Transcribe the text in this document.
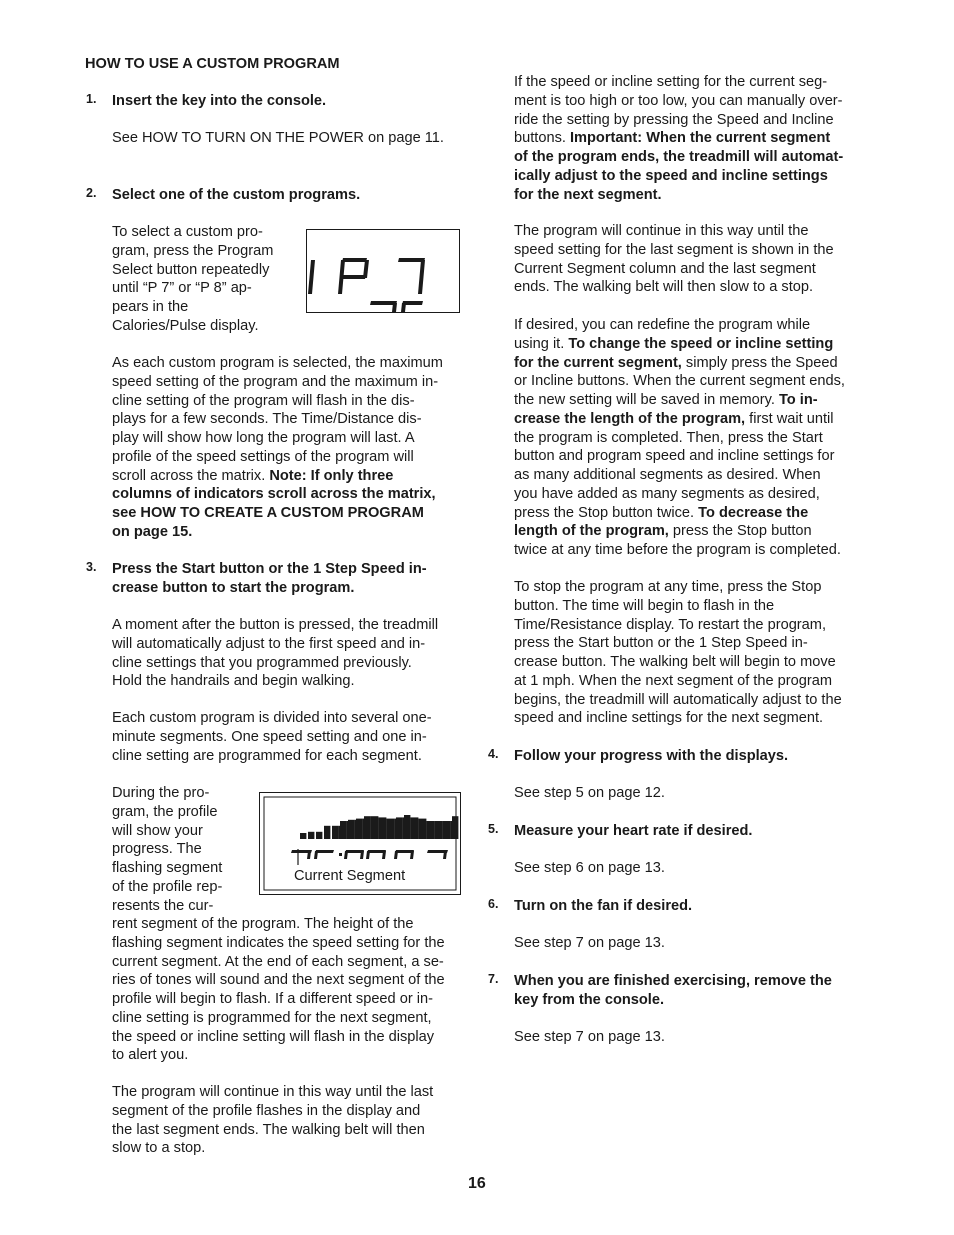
HOW TO USE A CUSTOM PROGRAM
1. Insert the key into the console.
See HOW TO TURN ON THE POWER on page 11.
2. Select one of the custom programs.
To select a custom pro-
gram, press the Program
Select button repeatedly
until “P 7” or “P 8” ap-
pears in the
Calories/Pulse display.
As each custom program is selected, the maximum
speed setting of the program and the maximum in-
cline setting of the program will flash in the dis-
plays for a few seconds. The Time/Distance dis-
play will show how long the program will last. A
profile of the speed settings of the program will
scroll across the matrix. Note: If only three
columns of indicators scroll across the matrix,
see HOW TO CREATE A CUSTOM PROGRAM
on page 15.
3. Press the Start button or the 1 Step Speed in-
crease button to start the program.
A moment after the button is pressed, the treadmill
will automatically adjust to the first speed and in-
cline settings that you programmed previously.
Hold the handrails and begin walking.
Each custom program is divided into several one-
minute segments. One speed setting and one in-
cline setting are programmed for each segment.
During the pro-
gram, the profile
will show your
progress. The
flashing segment
of the profile rep-
resents the cur-
Current Segment
rent segment of the program. The height of the
flashing segment indicates the speed setting for the
current segment. At the end of each segment, a se-
ries of tones will sound and the next segment of the
profile will begin to flash. If a different speed or in-
cline setting is programmed for the next segment,
the speed or incline setting will flash in the display
to alert you.
The program will continue in this way until the last
segment of the profile flashes in the display and
the last segment ends. The walking belt will then
slow to a stop.
If the speed or incline setting for the current seg-
ment is too high or too low, you can manually over-
ride the setting by pressing the Speed and Incline
buttons. Important: When the current segment
of the program ends, the treadmill will automat-
ically adjust to the speed and incline settings
for the next segment.
The program will continue in this way until the
speed setting for the last segment is shown in the
Current Segment column and the last segment
ends. The walking belt will then slow to a stop.
If desired, you can redefine the program while
using it. To change the speed or incline setting
for the current segment, simply press the Speed
or Incline buttons. When the current segment ends,
the new setting will be saved in memory. To in-
crease the length of the program, first wait until
the program is completed. Then, press the Start
button and program speed and incline settings for
as many additional segments as desired. When
you have added as many segments as desired,
press the Stop button twice. To decrease the
length of the program, press the Stop button
twice at any time before the program is completed.
To stop the program at any time, press the Stop
button. The time will begin to flash in the
Time/Resistance display. To restart the program,
press the Start button or the 1 Step Speed in-
crease button. The walking belt will begin to move
at 1 mph. When the next segment of the program
begins, the treadmill will automatically adjust to the
speed and incline settings for the next segment.
4. Follow your progress with the displays.
See step 5 on page 12.
5. Measure your heart rate if desired.
See step 6 on page 13.
6. Turn on the fan if desired.
See step 7 on page 13.
7. When you are finished exercising, remove the
key from the console.
See step 7 on page 13.
16
